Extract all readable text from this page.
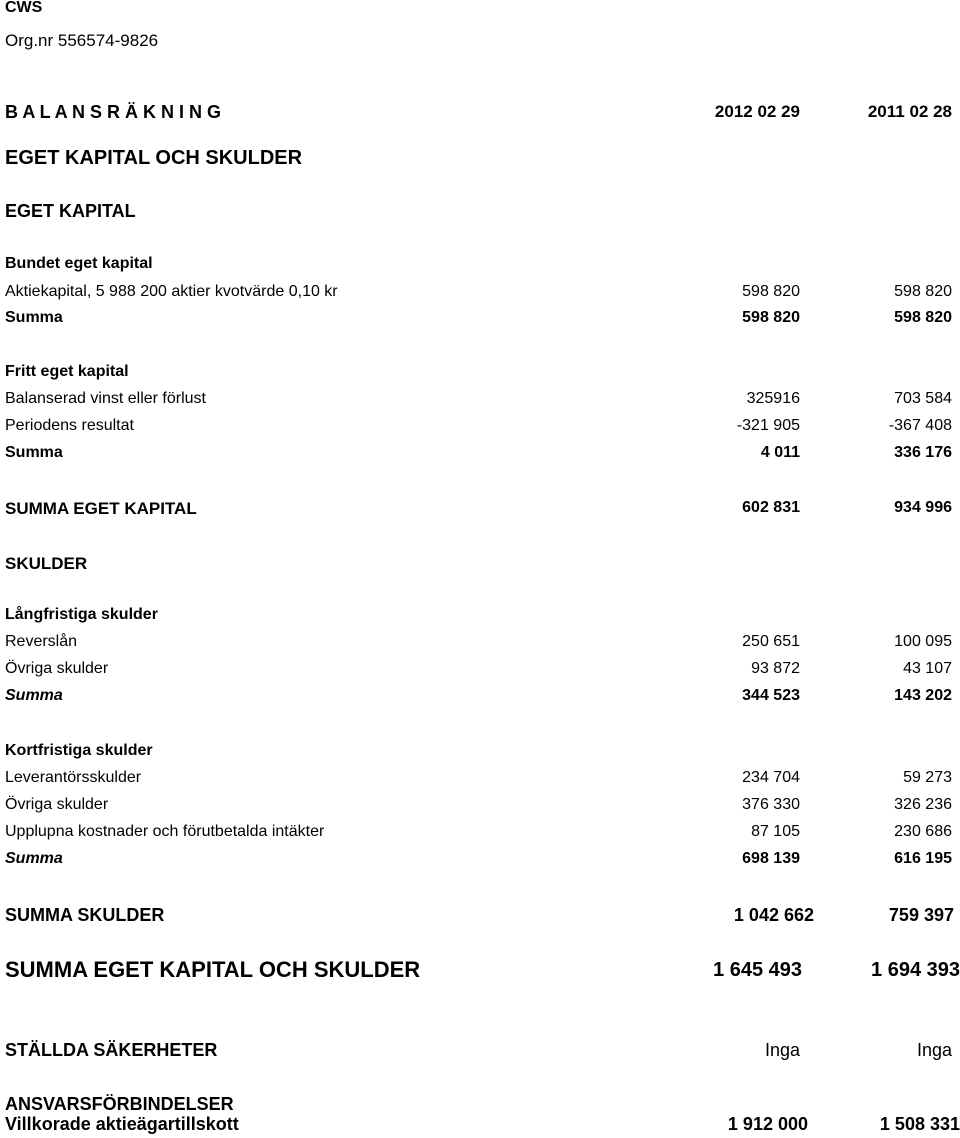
CWS
Org.nr 556574-9826
B A L A N S R Ä K N I N G	2012 02 29	2011 02 28
EGET KAPITAL OCH SKULDER
EGET KAPITAL
Bundet eget kapital
Aktiekapital, 5 988 200 aktier kvotvärde 0,10 kr	598 820	598 820
Summa	598 820	598 820
Fritt eget kapital
Balanserad vinst eller förlust	325916	703 584
Periodens resultat	-321 905	-367 408
Summa	4 011	336 176
SUMMA EGET KAPITAL	602 831	934 996
SKULDER
Långfristiga skulder
Reverslån	250 651	100 095
Övriga skulder	93 872	43 107
Summa	344 523	143 202
Kortfristiga skulder
Leverantörsskulder	234 704	59 273
Övriga skulder	376 330	326 236
Upplupna kostnader och förutbetalda intäkter	87 105	230 686
Summa	698 139	616 195
SUMMA SKULDER	1 042 662	759 397
SUMMA EGET KAPITAL OCH SKULDER	1 645 493	1 694 393
STÄLLDA SÄKERHETER	Inga	Inga
ANSVARSFÖRBINDELSER
Villkorade aktieägartillskott	1 912 000	1 508 331
